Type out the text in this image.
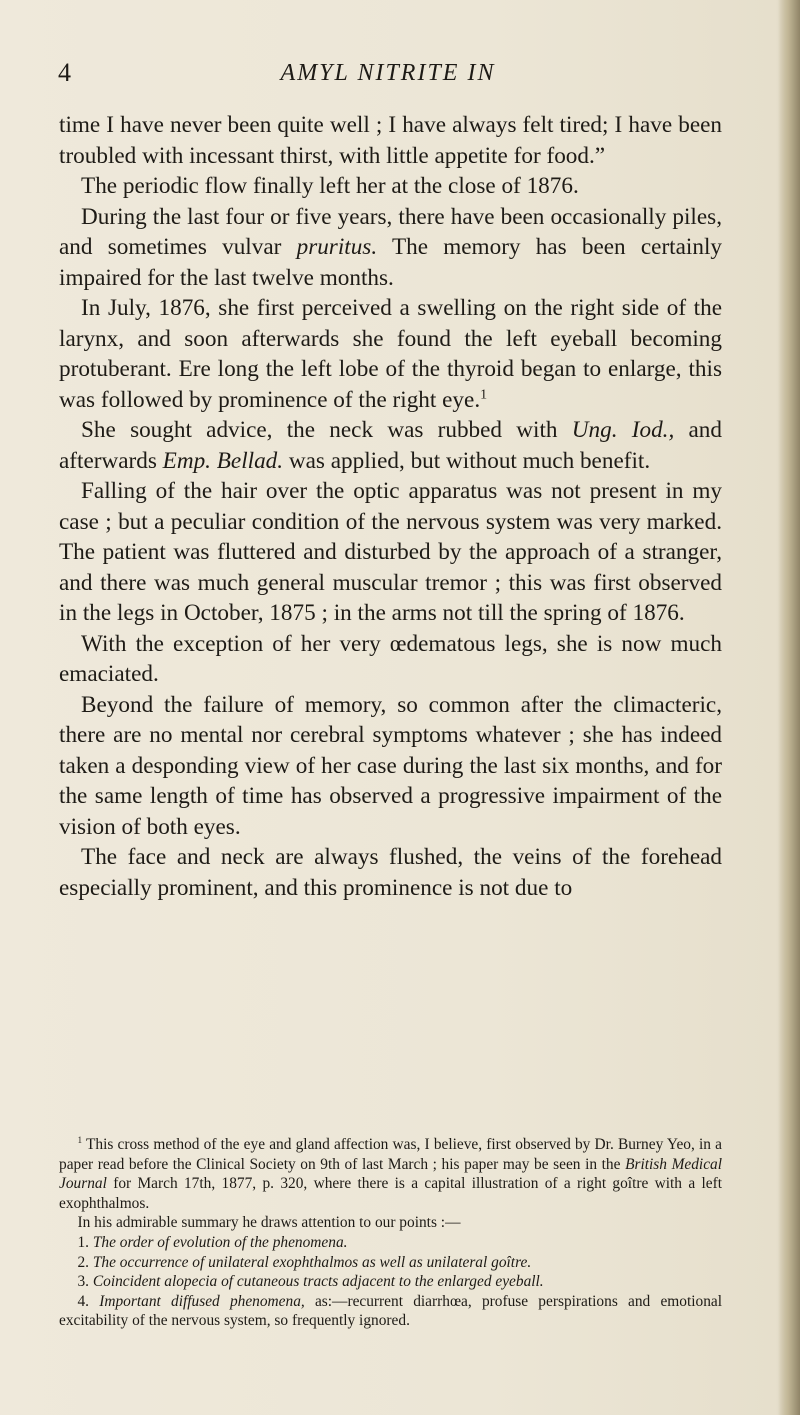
4	AMYL NITRITE IN

time I have never been quite well ; I have always felt tired; I have been troubled with incessant thirst, with little appetite for food.”

The periodic flow finally left her at the close of 1876.

During the last four or five years, there have been occasionally piles, and sometimes vulvar pruritus. The memory has been certainly impaired for the last twelve months.

In July, 1876, she first perceived a swelling on the right side of the larynx, and soon afterwards she found the left eyeball becoming protuberant. Ere long the left lobe of the thyroid began to enlarge, this was followed by prominence of the right eye.$^1$

She sought advice, the neck was rubbed with Ung. Iod., and afterwards Emp. Bellad. was applied, but without much benefit.

Falling of the hair over the optic apparatus was not present in my case ; but a peculiar condition of the nervous system was very marked. The patient was fluttered and disturbed by the approach of a stranger, and there was much general muscular tremor ; this was first observed in the legs in October, 1875 ; in the arms not till the spring of 1876.

With the exception of her very œdematous legs, she is now much emaciated.

Beyond the failure of memory, so common after the climacteric, there are no mental nor cerebral symptoms whatever ; she has indeed taken a desponding view of her case during the last six months, and for the same length of time has observed a progressive impairment of the vision of both eyes.

The face and neck are always flushed, the veins of the forehead especially prominent, and this prominence is not due to

$^1$ This cross method of the eye and gland affection was, I believe, first observed by Dr. Burney Yeo, in a paper read before the Clinical Society on 9th of last March ; his paper may be seen in the British Medical Journal for March 17th, 1877, p. 320, where there is a capital illustration of a right goître with a left exophthalmos.

In his admirable summary he draws attention to our points :—

1. The order of evolution of the phenomena.

2. The occurrence of unilateral exophthalmos as well as unilateral goître.

3. Coincident alopecia of cutaneous tracts adjacent to the enlarged eyeball.

4. Important diffused phenomena, as:—recurrent diarrhœa, profuse perspirations and emotional excitability of the nervous system, so frequently ignored.
